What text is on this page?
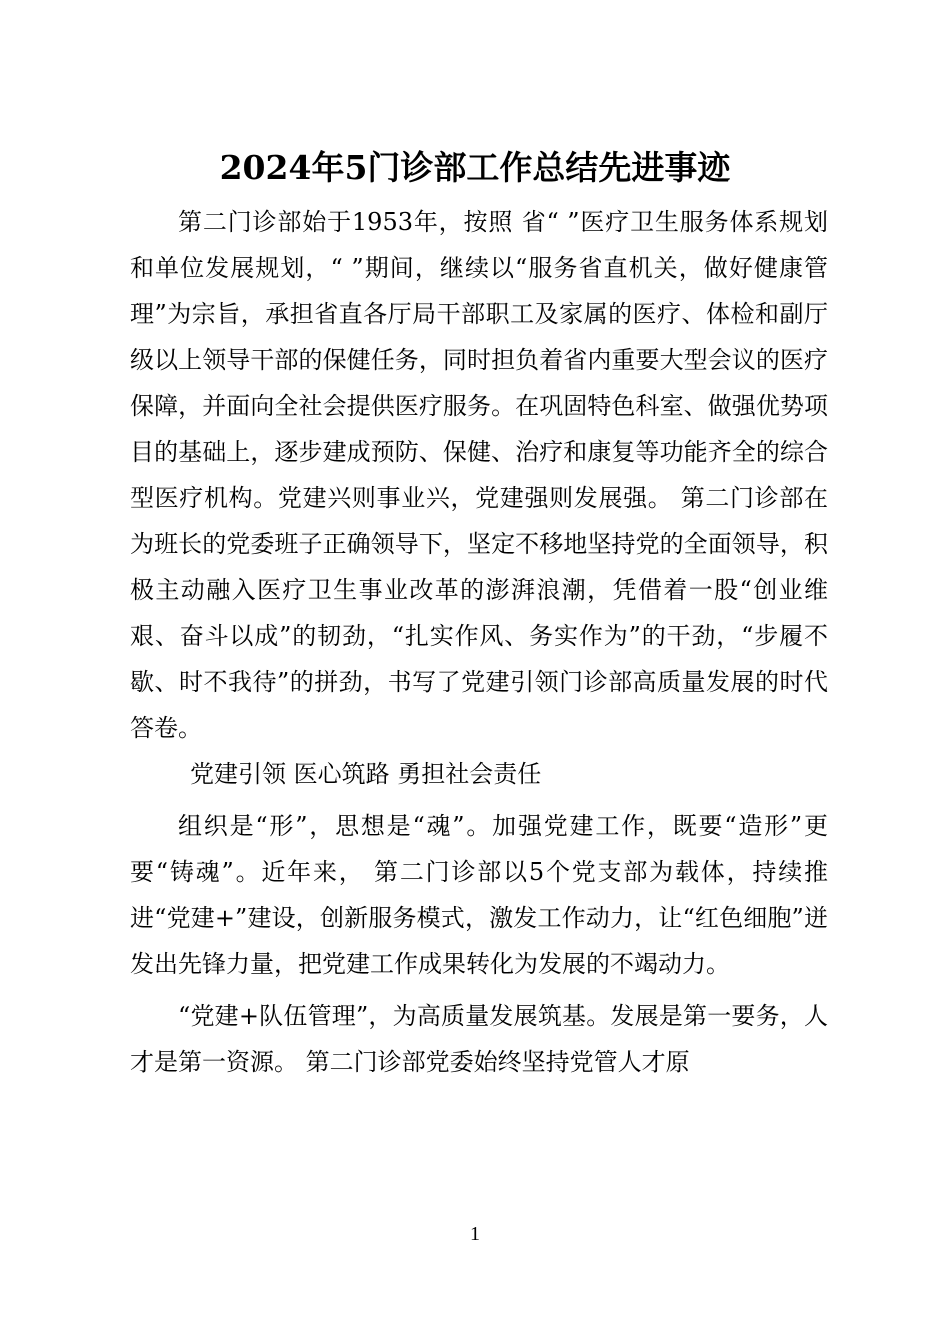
2024年5门诊部工作总结先进事迹

第二门诊部始于1953年，按照 省“ ”医疗卫生服务体系规划和单位发展规划，“ ”期间，继续以“服务省直机关，做好健康管理”为宗旨，承担省直各厅局干部职工及家属的医疗、体检和副厅级以上领导干部的保健任务，同时担负着省内重要大型会议的医疗保障，并面向全社会提供医疗服务。在巩固特色科室、做强优势项目的基础上，逐步建成预防、保健、治疗和康复等功能齐全的综合型医疗机构。党建兴则事业兴，党建强则发展强。 第二门诊部在 为班长的党委班子正确领导下，坚定不移地坚持党的全面领导，积极主动融入医疗卫生事业改革的澎湃浪潮，凭借着一股“创业维艰、奋斗以成”的韧劲，“扎实作风、务实作为”的干劲，“步履不歇、时不我待”的拼劲，书写了党建引领门诊部高质量发展的时代答卷。

党建引领 医心筑路 勇担社会责任

组织是“形”，思想是“魂”。加强党建工作，既要“造形”更要“铸魂”。近年来， 第二门诊部以5个党支部为载体，持续推进“党建+”建设，创新服务模式，激发工作动力，让“红色细胞”迸发出先锋力量，把党建工作成果转化为发展的不竭动力。

“党建+队伍管理”，为高质量发展筑基。发展是第一要务，人才是第一资源。 第二门诊部党委始终坚持党管人才原

1
